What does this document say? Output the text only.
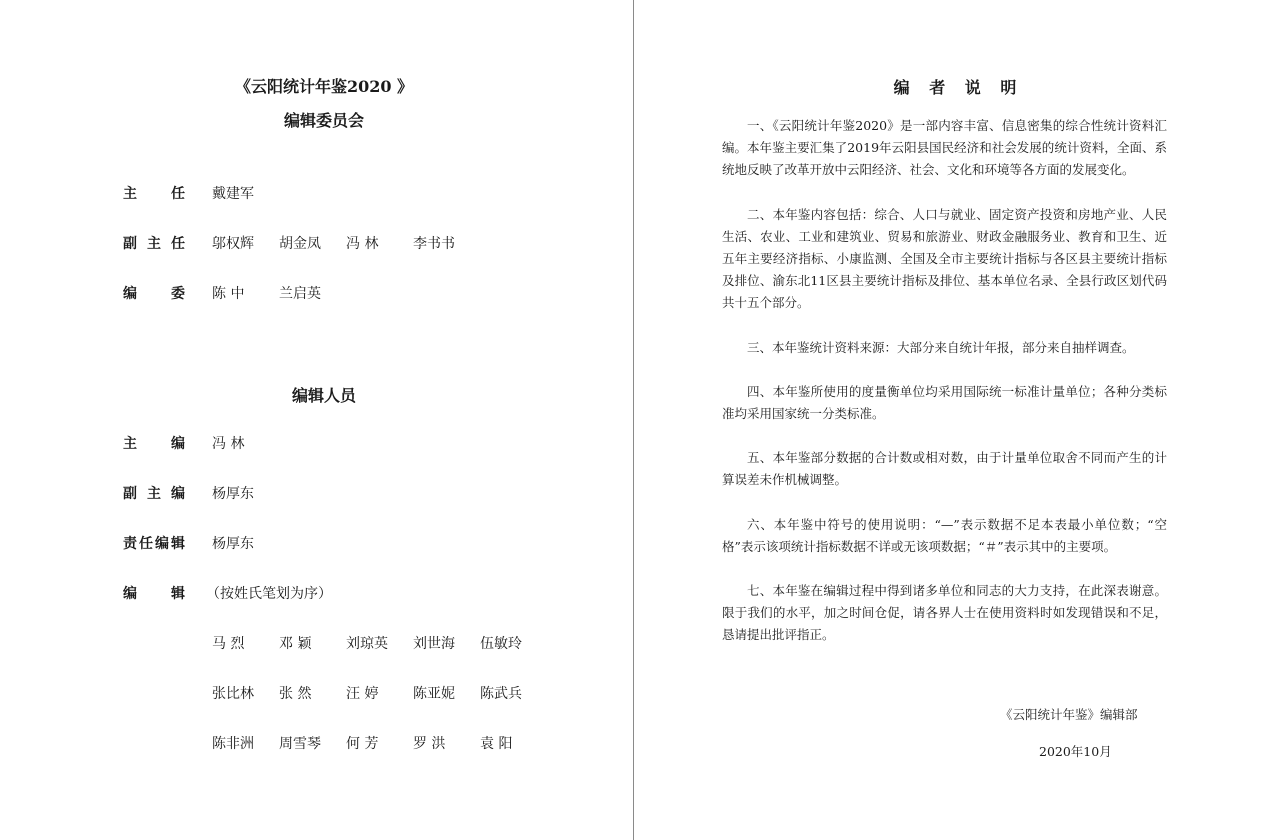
《云阳统计年鉴2020 》
编辑委员会
主 任 戴建军
副 主 任 邬权辉	胡金凤	冯 林	李书书
编 委 陈 中	兰启英
编辑人员
主 编 冯 林
副 主 编 杨厚东
责 任 编 辑 杨厚东
编 辑 （按姓氏笔划为序）
马 烈	邓 颖	刘琼英	刘世海	伍敏玲
张比林	张 然	汪 婷	陈亚妮	陈武兵
陈非洲	周雪琴	何 芳	罗 洪	袁 阳
编 者 说 明

一、《云阳统计年鉴2020》是一部内容丰富、信息密集的综合性统计资料汇编。本年鉴主要汇集了2019年云阳县国民经济和社会发展的统计资料，全面、系统地反映了改革开放中云阳经济、社会、文化和环境等各方面的发展变化。

二、本年鉴内容包括：综合、人口与就业、固定资产投资和房地产业、人民生活、农业、工业和建筑业、贸易和旅游业、财政金融服务业、教育和卫生、近五年主要经济指标、小康监测、全国及全市主要统计指标与各区县主要统计指标及排位、渝东北11区县主要统计指标及排位、基本单位名录、全县行政区划代码共十五个部分。

三、本年鉴统计资料来源：大部分来自统计年报，部分来自抽样调查。

四、本年鉴所使用的度量衡单位均采用国际统一标准计量单位；各种分类标准均采用国家统一分类标准。

五、本年鉴部分数据的合计数或相对数，由于计量单位取舍不同而产生的计算误差未作机械调整。

六、本年鉴中符号的使用说明：“—”表示数据不足本表最小单位数；“空格”表示该项统计指标数据不详或无该项数据；“＃”表示其中的主要项。

七、本年鉴在编辑过程中得到诸多单位和同志的大力支持，在此深表谢意。限于我们的水平，加之时间仓促，请各界人士在使用资料时如发现错误和不足，恳请提出批评指正。

《云阳统计年鉴》编辑部
2020年10月
